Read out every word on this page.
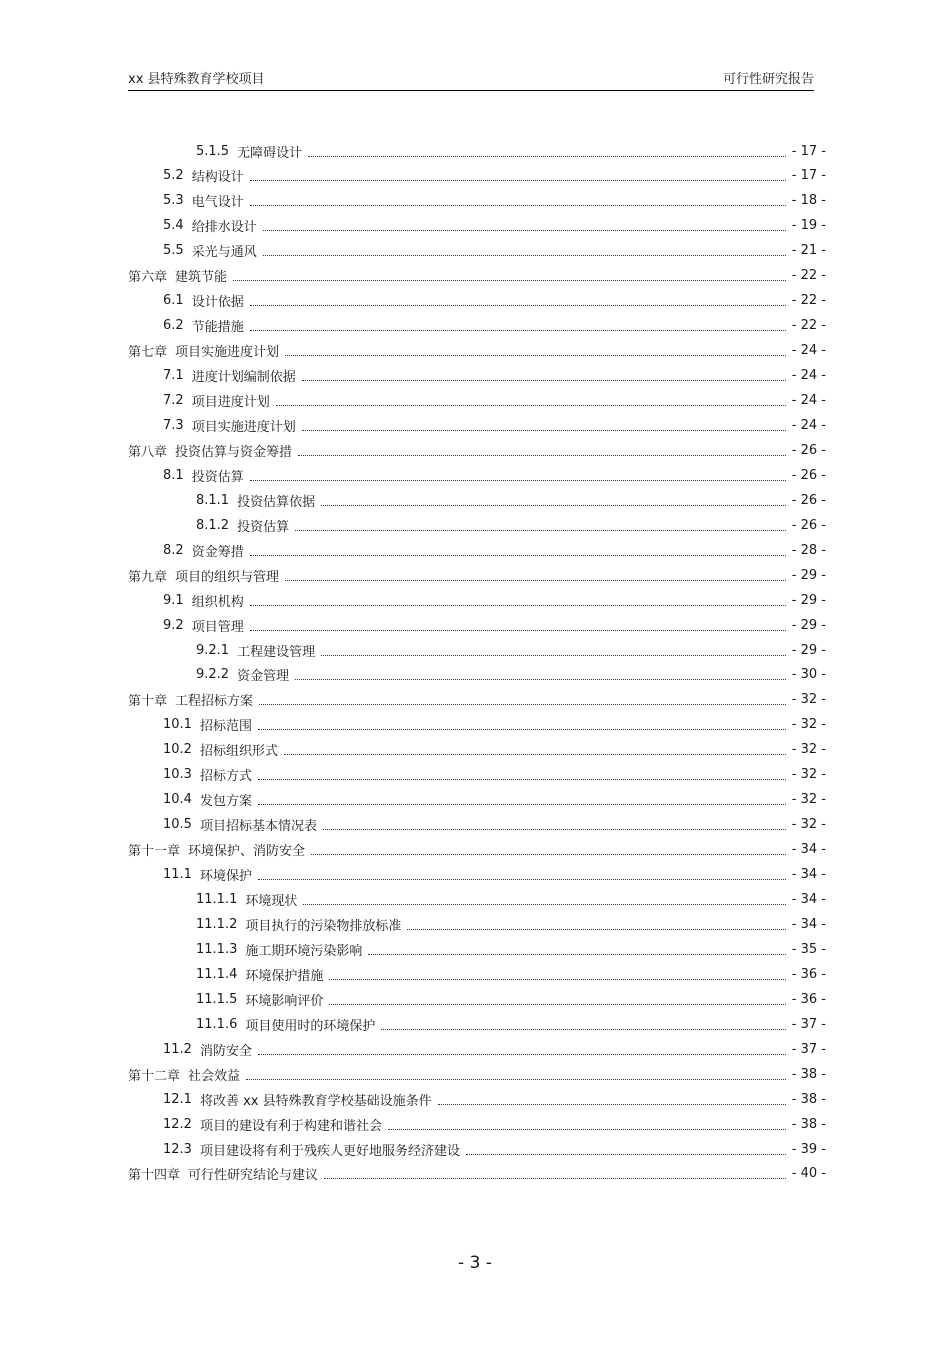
xx 县特殊教育学校项目	可行性研究报告
5.1.5 无障碍设计	- 17 -
5.2 结构设计	- 17 -
5.3 电气设计	- 18 -
5.4 给排水设计	- 19 -
5.5 采光与通风	- 21 -
第六章 建筑节能	- 22 -
6.1 设计依据	- 22 -
6.2 节能措施	- 22 -
第七章 项目实施进度计划	- 24 -
7.1 进度计划编制依据	- 24 -
7.2 项目进度计划	- 24 -
7.3 项目实施进度计划	- 24 -
第八章 投资估算与资金筹措	- 26 -
8.1 投资估算	- 26 -
8.1.1 投资估算依据	- 26 -
8.1.2 投资估算	- 26 -
8.2 资金筹措	- 28 -
第九章 项目的组织与管理	- 29 -
9.1 组织机构	- 29 -
9.2 项目管理	- 29 -
9.2.1 工程建设管理	- 29 -
9.2.2 资金管理	- 30 -
第十章 工程招标方案	- 32 -
10.1 招标范围	- 32 -
10.2 招标组织形式	- 32 -
10.3 招标方式	- 32 -
10.4 发包方案	- 32 -
10.5 项目招标基本情况表	- 32 -
第十一章 环境保护、消防安全	- 34 -
11.1 环境保护	- 34 -
11.1.1 环境现状	- 34 -
11.1.2 项目执行的污染物排放标准	- 34 -
11.1.3 施工期环境污染影响	- 35 -
11.1.4 环境保护措施	- 36 -
11.1.5 环境影响评价	- 36 -
11.1.6 项目使用时的环境保护	- 37 -
11.2 消防安全	- 37 -
第十二章 社会效益	- 38 -
12.1 将改善 xx 县特殊教育学校基础设施条件	- 38 -
12.2 项目的建设有利于构建和谐社会	- 38 -
12.3 项目建设将有利于残疾人更好地服务经济建设	- 39 -
第十四章 可行性研究结论与建议	- 40 -
- 3 -
